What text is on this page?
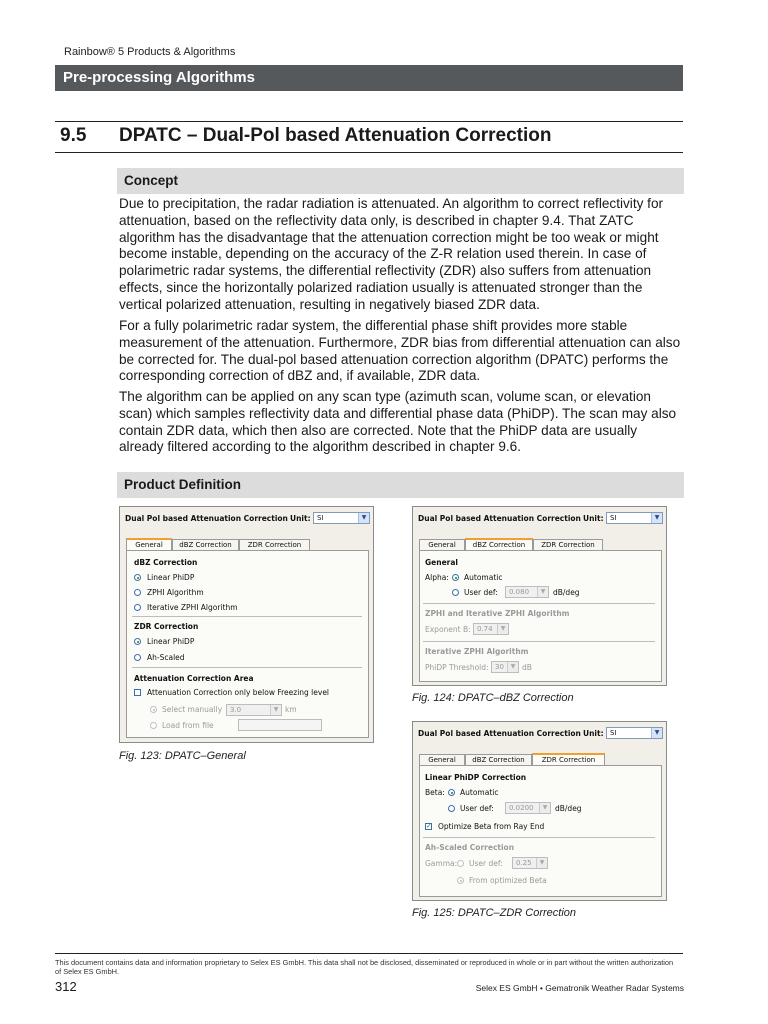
Rainbow® 5 Products & Algorithms
Pre-processing Algorithms
9.5 DPATC – Dual-Pol based Attenuation Correction
Concept

Due to precipitation, the radar radiation is attenuated. An algorithm to correct reflectivity for attenuation, based on the reflectivity data only, is described in chapter 9.4. That ZATC algorithm has the disadvantage that the attenuation correction might be too weak or might become instable, depending on the accuracy of the Z-R relation used therein. In case of polarimetric radar systems, the differential reflectivity (ZDR) also suffers from attenuation effects, since the horizontally polarized radiation usually is attenuated stronger than the vertical polarized attenuation, resulting in negatively biased ZDR data.

For a fully polarimetric radar system, the differential phase shift provides more stable measurement of the attenuation. Furthermore, ZDR bias from differential attenuation can also be corrected for. The dual-pol based attenuation correction algorithm (DPATC) performs the corresponding correction of dBZ and, if available, ZDR data.

The algorithm can be applied on any scan type (azimuth scan, volume scan, or elevation scan) which samples reflectivity data and differential phase data (PhiDP). The scan may also contain ZDR data, which then also are corrected. Note that the PhiDP data are usually already filtered according to the algorithm described in chapter 9.6.

Product Definition
Dual Pol based Attenuation Correction Unit: SI	▼
General	dBZ Correction	ZDR Correction
dBZ Correction
Linear PhiDP
ZPHI Algorithm
Iterative ZPHI Algorithm
ZDR Correction
Linear PhiDP
Ah-Scaled
Attenuation Correction Area
Attenuation Correction only below Freezing level
Select manually	3.0	▼ km
Load from file
Fig. 123: DPATC–General
Dual Pol based Attenuation Correction Unit: SI	▼
General	dBZ Correction	ZDR Correction
General
Alpha: Automatic
User def:	0.080	▼	dB/deg
ZPHI and Iterative ZPHI Algorithm
Exponent B: 0.74	▼
Iterative ZPHI Algorithm
PhiDP Threshold: 30	▼ dB
Fig. 124: DPATC–dBZ Correction
Dual Pol based Attenuation Correction Unit: SI	▼
General	dBZ Correction	ZDR Correction
Linear PhiDP Correction
Beta: Automatic
User def:	0.0200	▼	dB/deg
✓ Optimize Beta from Ray End
Ah-Scaled Correction
Gamma: User def:	0.25	▼
From optimized Beta
Fig. 125: DPATC–ZDR Correction
This document contains data and information proprietary to Selex ES GmbH. This data shall not be disclosed, disseminated or reproduced in whole or in part without the written authorization of Selex ES GmbH.
312	Selex ES GmbH • Gematronik Weather Radar Systems
